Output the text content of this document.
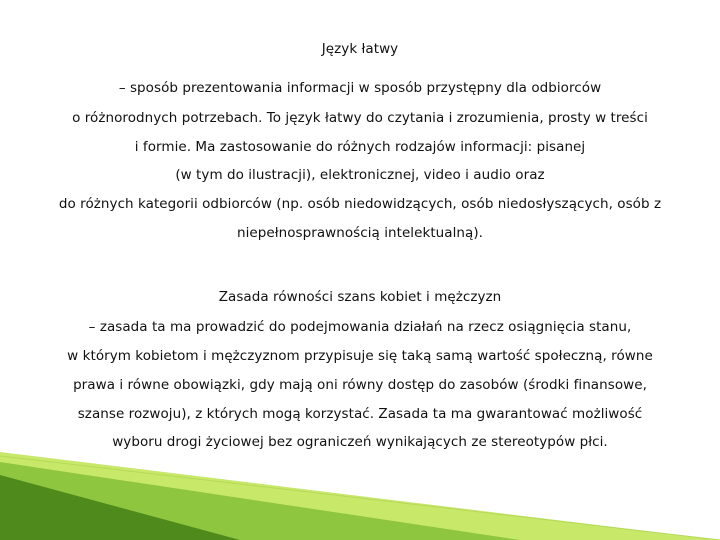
Język łatwy
– sposób prezentowania informacji w sposób przystępny dla odbiorców
o różnorodnych potrzebach. To język łatwy do czytania i zrozumienia, prosty w treści
i formie. Ma zastosowanie do różnych rodzajów informacji: pisanej
(w tym do ilustracji), elektronicznej, video i audio oraz
do różnych kategorii odbiorców (np. osób niedowidzących, osób niedosłyszących, osób z
niepełnosprawnością intelektualną).
Zasada równości szans kobiet i mężczyzn
– zasada ta ma prowadzić do podejmowania działań na rzecz osiągnięcia stanu,
w którym kobietom i mężczyznom przypisuje się taką samą wartość społeczną, równe
prawa i równe obowiązki, gdy mają oni równy dostęp do zasobów (środki finansowe,
szanse rozwoju), z których mogą korzystać. Zasada ta ma gwarantować możliwość
wyboru drogi życiowej bez ograniczeń wynikających ze stereotypów płci.
